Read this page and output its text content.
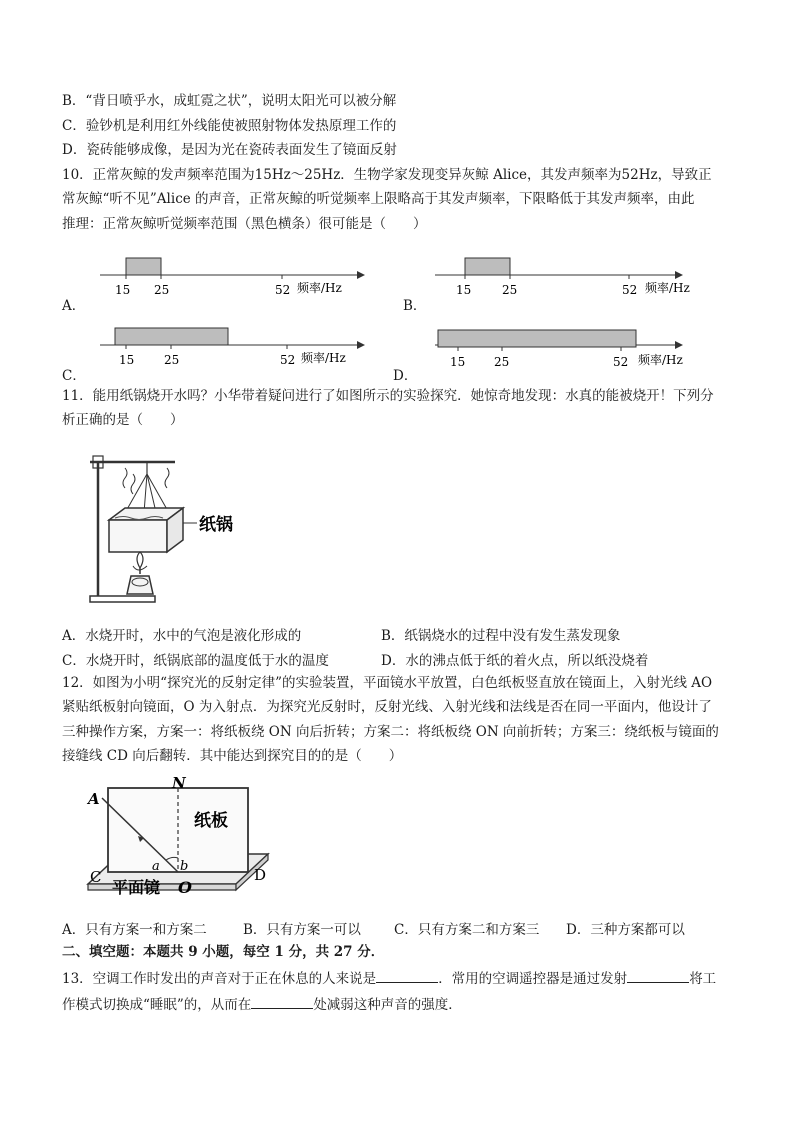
B．“背日喷乎水，成虹霓之状”，说明太阳光可以被分解
C．验钞机是利用红外线能使被照射物体发热原理工作的
D．瓷砖能够成像，是因为光在瓷砖表面发生了镜面反射
10．正常灰鲸的发声频率范围为15Hz～25Hz．生物学家发现变异灰鲸 Alice，其发声频率为52Hz，导致正
常灰鲸“听不见”Alice 的声音，正常灰鲸的听觉频率上限略高于其发声频率，下限略低于其发声频率，由此
推理：正常灰鲸听觉频率范围（黑色横条）很可能是（　　）
A．
15 25	52 频率/Hz
B．
15	25	52 频率/Hz
C．
15 25	52 频率/Hz
D．
15 25	52 频率/Hz
11．能用纸锅烧开水吗？小华带着疑问进行了如图所示的实验探究．她惊奇地发现：水真的能被烧开！下列分
析正确的是（　　）
纸锅
A．水烧开时，水中的气泡是液化形成的	B．纸锅烧水的过程中没有发生蒸发现象
C．水烧开时，纸锅底部的温度低于水的温度	D．水的沸点低于纸的着火点，所以纸没烧着
12．如图为小明“探究光的反射定律”的实验装置，平面镜水平放置，白色纸板竖直放在镜面上，入射光线 AO
紧贴纸板射向镜面，O 为入射点．为探究光反射时，反射光线、入射光线和法线是否在同一平面内，他设计了
三种操作方案，方案一：将纸板绕 ON 向后折转；方案二：将纸板绕 ON 向前折转；方案三：绕纸板与镜面的
接缝线 CD 向后翻转．其中能达到探究目的的是（　　）
A
N
纸板
C	D
平面镜 O
a b
A．只有方案一和方案二	B．只有方案一可以 C．只有方案二和方案三 D．三种方案都可以
二、填空题：本题共 9 小题，每空 1 分，共 27 分．
13．空调工作时发出的声音对于正在休息的人来说是	．常用的空调遥控器是通过发射	将工
作模式切换成“睡眠”的，从而在	处减弱这种声音的强度．
